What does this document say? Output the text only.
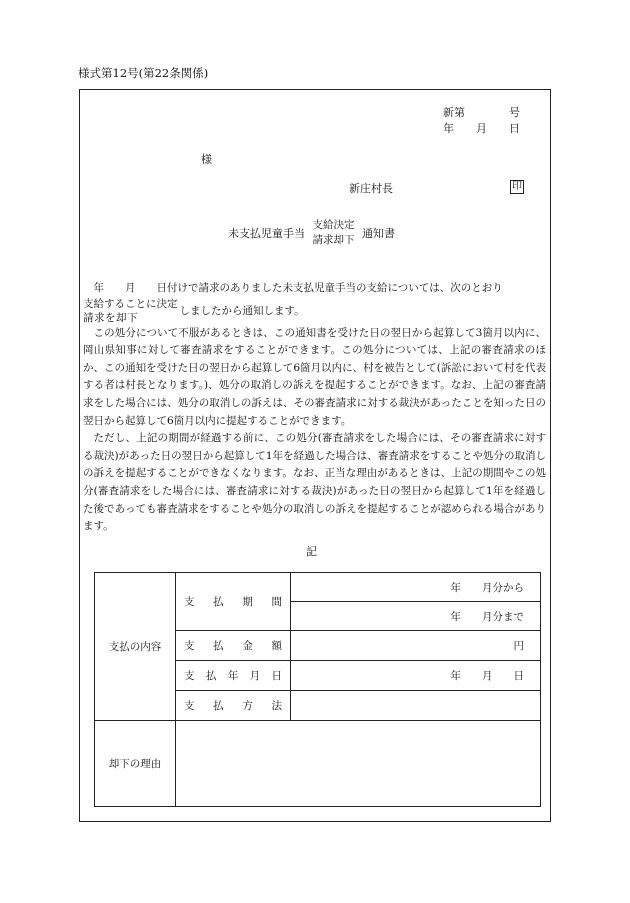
様式第12号(第22条関係)
新第　　　　号
年　　月　　日
様
新庄村長	印
未支払児童手当
支給決定
請求却下 通知書
　年　　月　　日付けで請求のありました未支払児童手当の支給については、次のとおり
支給することに決定
請 求 を 却 下
しましたから通知します。

この処分について不服があるときは、この通知書を受けた日の翌日から起算して3箇月以内に、岡山県知事に対して審査請求をすることができます。この処分については、上記の審査請求のほか、この通知を受けた日の翌日から起算して6箇月以内に、村を被告として(訴訟において村を代表する者は村長となります。)、処分の取消しの訴えを提起することができます。なお、上記の審査請求をした場合には、処分の取消しの訴えは、その審査請求に対する裁決があったことを知った日の翌日から起算して6箇月以内に提起することができます。

ただし、上記の期間が経過する前に、この処分(審査請求をした場合には、その審査請求に対する裁決)があった日の翌日から起算して1年を経過した場合は、審査請求をすることや処分の取消しの訴えを提起することができなくなります。なお、正当な理由があるときは、上記の期間やこの処分(審査請求をした場合には、審査請求に対する裁決)があった日の翌日から起算して1年を経過した後であっても審査請求をすることや処分の取消しの訴えを提起することが認められる場合があります。

記
支払の内容	支 払 期 間	年　　月分から
		年　　月分まで

	支 払 金 額	円

	支 払 年 月 日	年　　月　　日

	支 払 方 法	

却下の理由		
